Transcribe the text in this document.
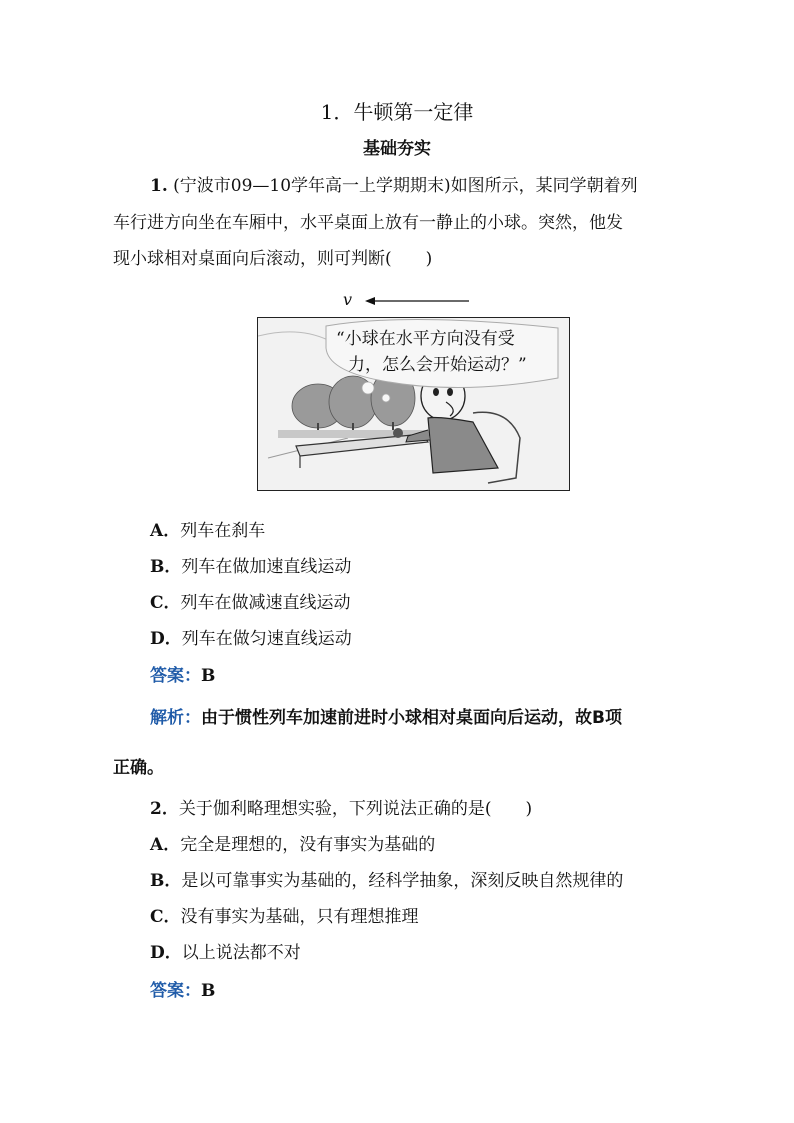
1．牛顿第一定律
基础夯实
1. (宁波市09—10学年高一上学期期末)如图所示，某同学朝着列
车行进方向坐在车厢中，水平桌面上放有一静止的小球。突然，他发
现小球相对桌面向后滚动，则可判断(　　)
v
“小球在水平方向没有受
力，怎么会开始运动？”
A．列车在刹车
B．列车在做加速直线运动
C．列车在做减速直线运动
D．列车在做匀速直线运动
答案：B
解析：由于惯性列车加速前进时小球相对桌面向后运动，故B项
正确。
2．关于伽利略理想实验，下列说法正确的是(　　)
A．完全是理想的，没有事实为基础的
B．是以可靠事实为基础的，经科学抽象，深刻反映自然规律的
C．没有事实为基础，只有理想推理
D．以上说法都不对
答案：B
